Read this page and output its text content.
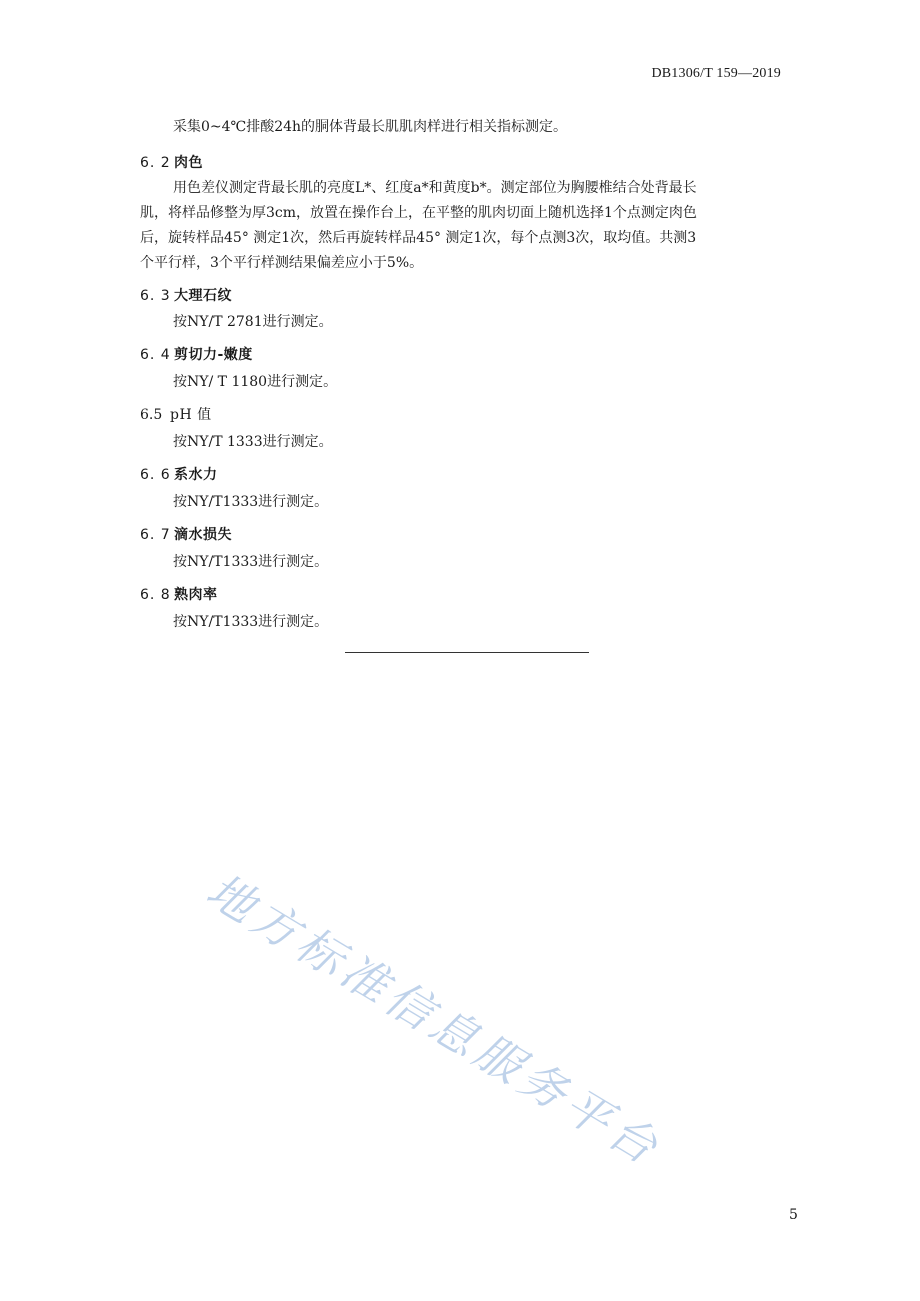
DB1306/T 159—2019
采集0~4℃排酸24h的胴体背最长肌肌肉样进行相关指标测定。
6. 2 肉色
用色差仪测定背最长肌的亮度L*、红度a*和黄度b*。测定部位为胸腰椎结合处背最长
肌，将样品修整为厚3cm，放置在操作台上，在平整的肌肉切面上随机选择1个点测定肉色
后，旋转样品45° 测定1次，然后再旋转样品45° 测定1次，每个点测3次，取均值。共测3
个平行样，3个平行样测结果偏差应小于5%。
6. 3 大理石纹
按NY/T 2781进行测定。
6. 4 剪切力-嫩度
按NY/ T 1180进行测定。
6.5 pH 值
按NY/T 1333进行测定。
6. 6 系水力
按NY/T1333进行测定。
6. 7 滴水损失
按NY/T1333进行测定。
6. 8 熟肉率
按NY/T1333进行测定。
地方标准信息服务平台
5
